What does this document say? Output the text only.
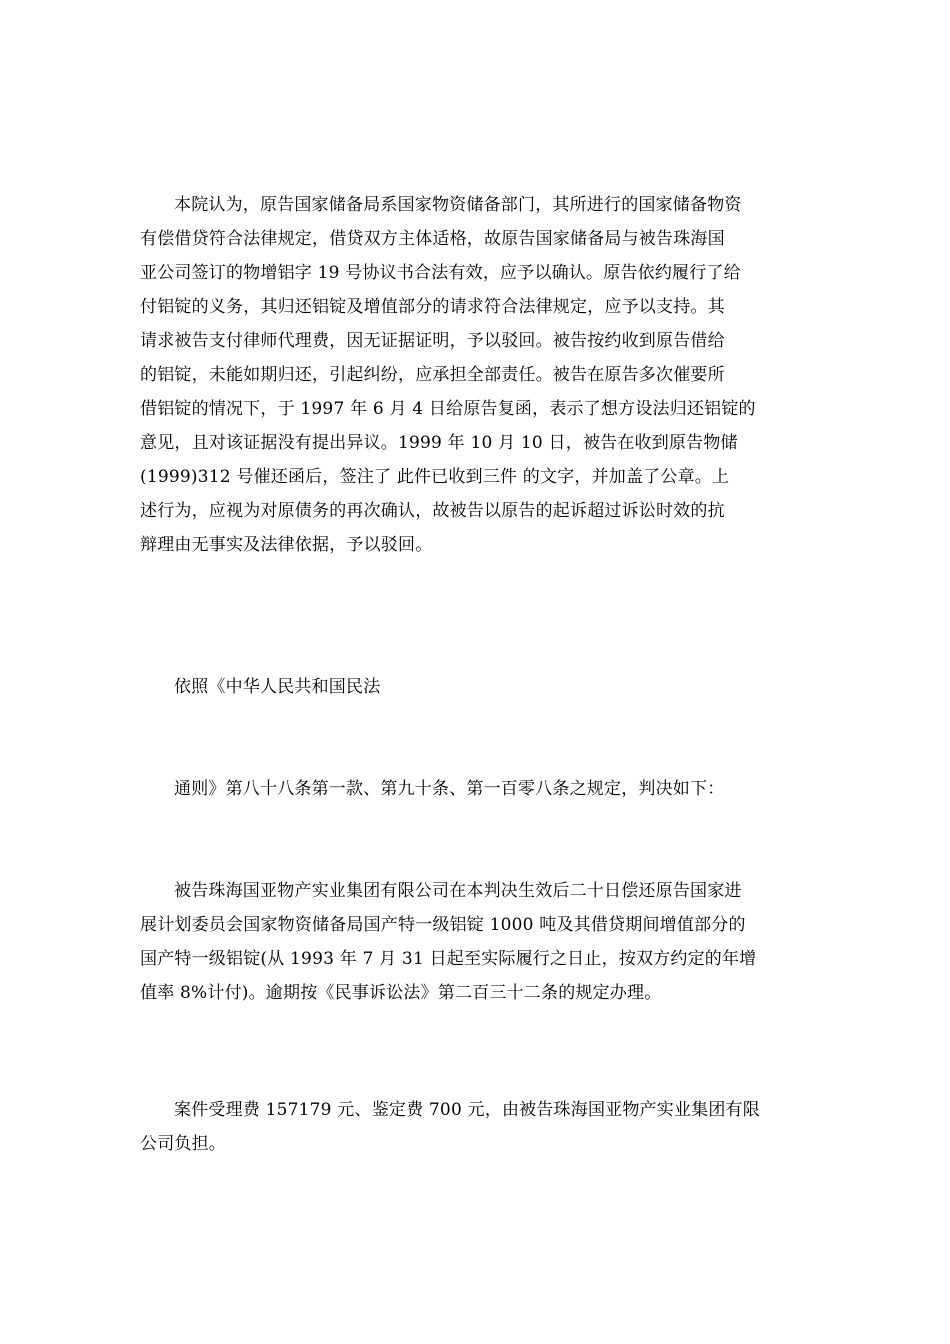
本院认为，原告国家储备局系国家物资储备部门，其所进行的国家储备物资
有偿借贷符合法律规定，借贷双方主体适格，故原告国家储备局与被告珠海国
亚公司签订的物增铝字 19 号协议书合法有效，应予以确认。原告依约履行了给
付铝锭的义务，其归还铝锭及增值部分的请求符合法律规定，应予以支持。其
请求被告支付律师代理费，因无证据证明，予以驳回。被告按约收到原告借给
的铝锭，未能如期归还，引起纠纷，应承担全部责任。被告在原告多次催要所
借铝锭的情况下，于 1997 年 6 月 4 日给原告复函，表示了想方设法归还铝锭的
意见，且对该证据没有提出异议。1999 年 10 月 10 日，被告在收到原告物储
(1999)312 号催还函后，签注了 此件已收到三件 的文字，并加盖了公章。上
述行为，应视为对原债务的再次确认，故被告以原告的起诉超过诉讼时效的抗
辩理由无事实及法律依据，予以驳回。
依照《中华人民共和国民法
通则》第八十八条第一款、第九十条、第一百零八条之规定，判决如下：
被告珠海国亚物产实业集团有限公司在本判决生效后二十日偿还原告国家进
展计划委员会国家物资储备局国产特一级铝锭 1000 吨及其借贷期间增值部分的
国产特一级铝锭(从 1993 年 7 月 31 日起至实际履行之日止，按双方约定的年增
值率 8%计付)。逾期按《民事诉讼法》第二百三十二条的规定办理。
案件受理费 157179 元、鉴定费 700 元，由被告珠海国亚物产实业集团有限
公司负担。
